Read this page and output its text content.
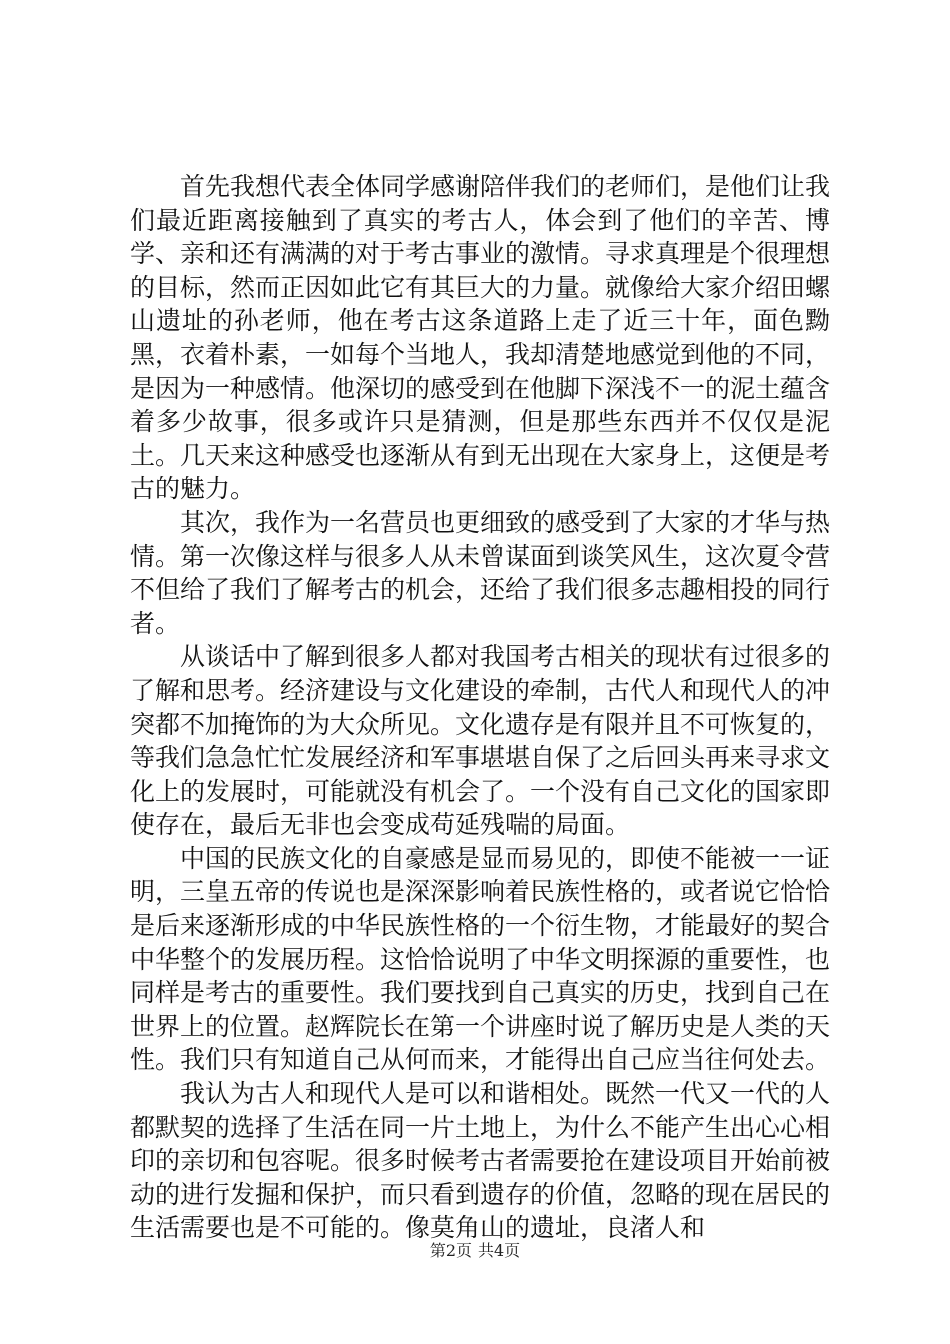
首先我想代表全体同学感谢陪伴我们的老师们，是他们让我们最近距离接触到了真实的考古人，体会到了他们的辛苦、博学、亲和还有满满的对于考古事业的激情。寻求真理是个很理想的目标，然而正因如此它有其巨大的力量。就像给大家介绍田螺山遗址的孙老师，他在考古这条道路上走了近三十年，面色黝黑，衣着朴素，一如每个当地人，我却清楚地感觉到他的不同，是因为一种感情。他深切的感受到在他脚下深浅不一的泥土蕴含着多少故事，很多或许只是猜测，但是那些东西并不仅仅是泥土。几天来这种感受也逐渐从有到无出现在大家身上，这便是考古的魅力。

其次，我作为一名营员也更细致的感受到了大家的才华与热情。第一次像这样与很多人从未曾谋面到谈笑风生，这次夏令营不但给了我们了解考古的机会，还给了我们很多志趣相投的同行者。

从谈话中了解到很多人都对我国考古相关的现状有过很多的了解和思考。经济建设与文化建设的牵制，古代人和现代人的冲突都不加掩饰的为大众所见。文化遗存是有限并且不可恢复的，等我们急急忙忙发展经济和军事堪堪自保了之后回头再来寻求文化上的发展时，可能就没有机会了。一个没有自己文化的国家即使存在，最后无非也会变成苟延残喘的局面。

中国的民族文化的自豪感是显而易见的，即使不能被一一证明，三皇五帝的传说也是深深影响着民族性格的，或者说它恰恰是后来逐渐形成的中华民族性格的一个衍生物，才能最好的契合中华整个的发展历程。这恰恰说明了中华文明探源的重要性，也同样是考古的重要性。我们要找到自己真实的历史，找到自己在世界上的位置。赵辉院长在第一个讲座时说了解历史是人类的天性。我们只有知道自己从何而来，才能得出自己应当往何处去。

我认为古人和现代人是可以和谐相处。既然一代又一代的人都默契的选择了生活在同一片土地上，为什么不能产生出心心相印的亲切和包容呢。很多时候考古者需要抢在建设项目开始前被动的进行发掘和保护，而只看到遗存的价值，忽略的现在居民的生活需要也是不可能的。像莫角山的遗址，良渚人和

第2页 共4页
